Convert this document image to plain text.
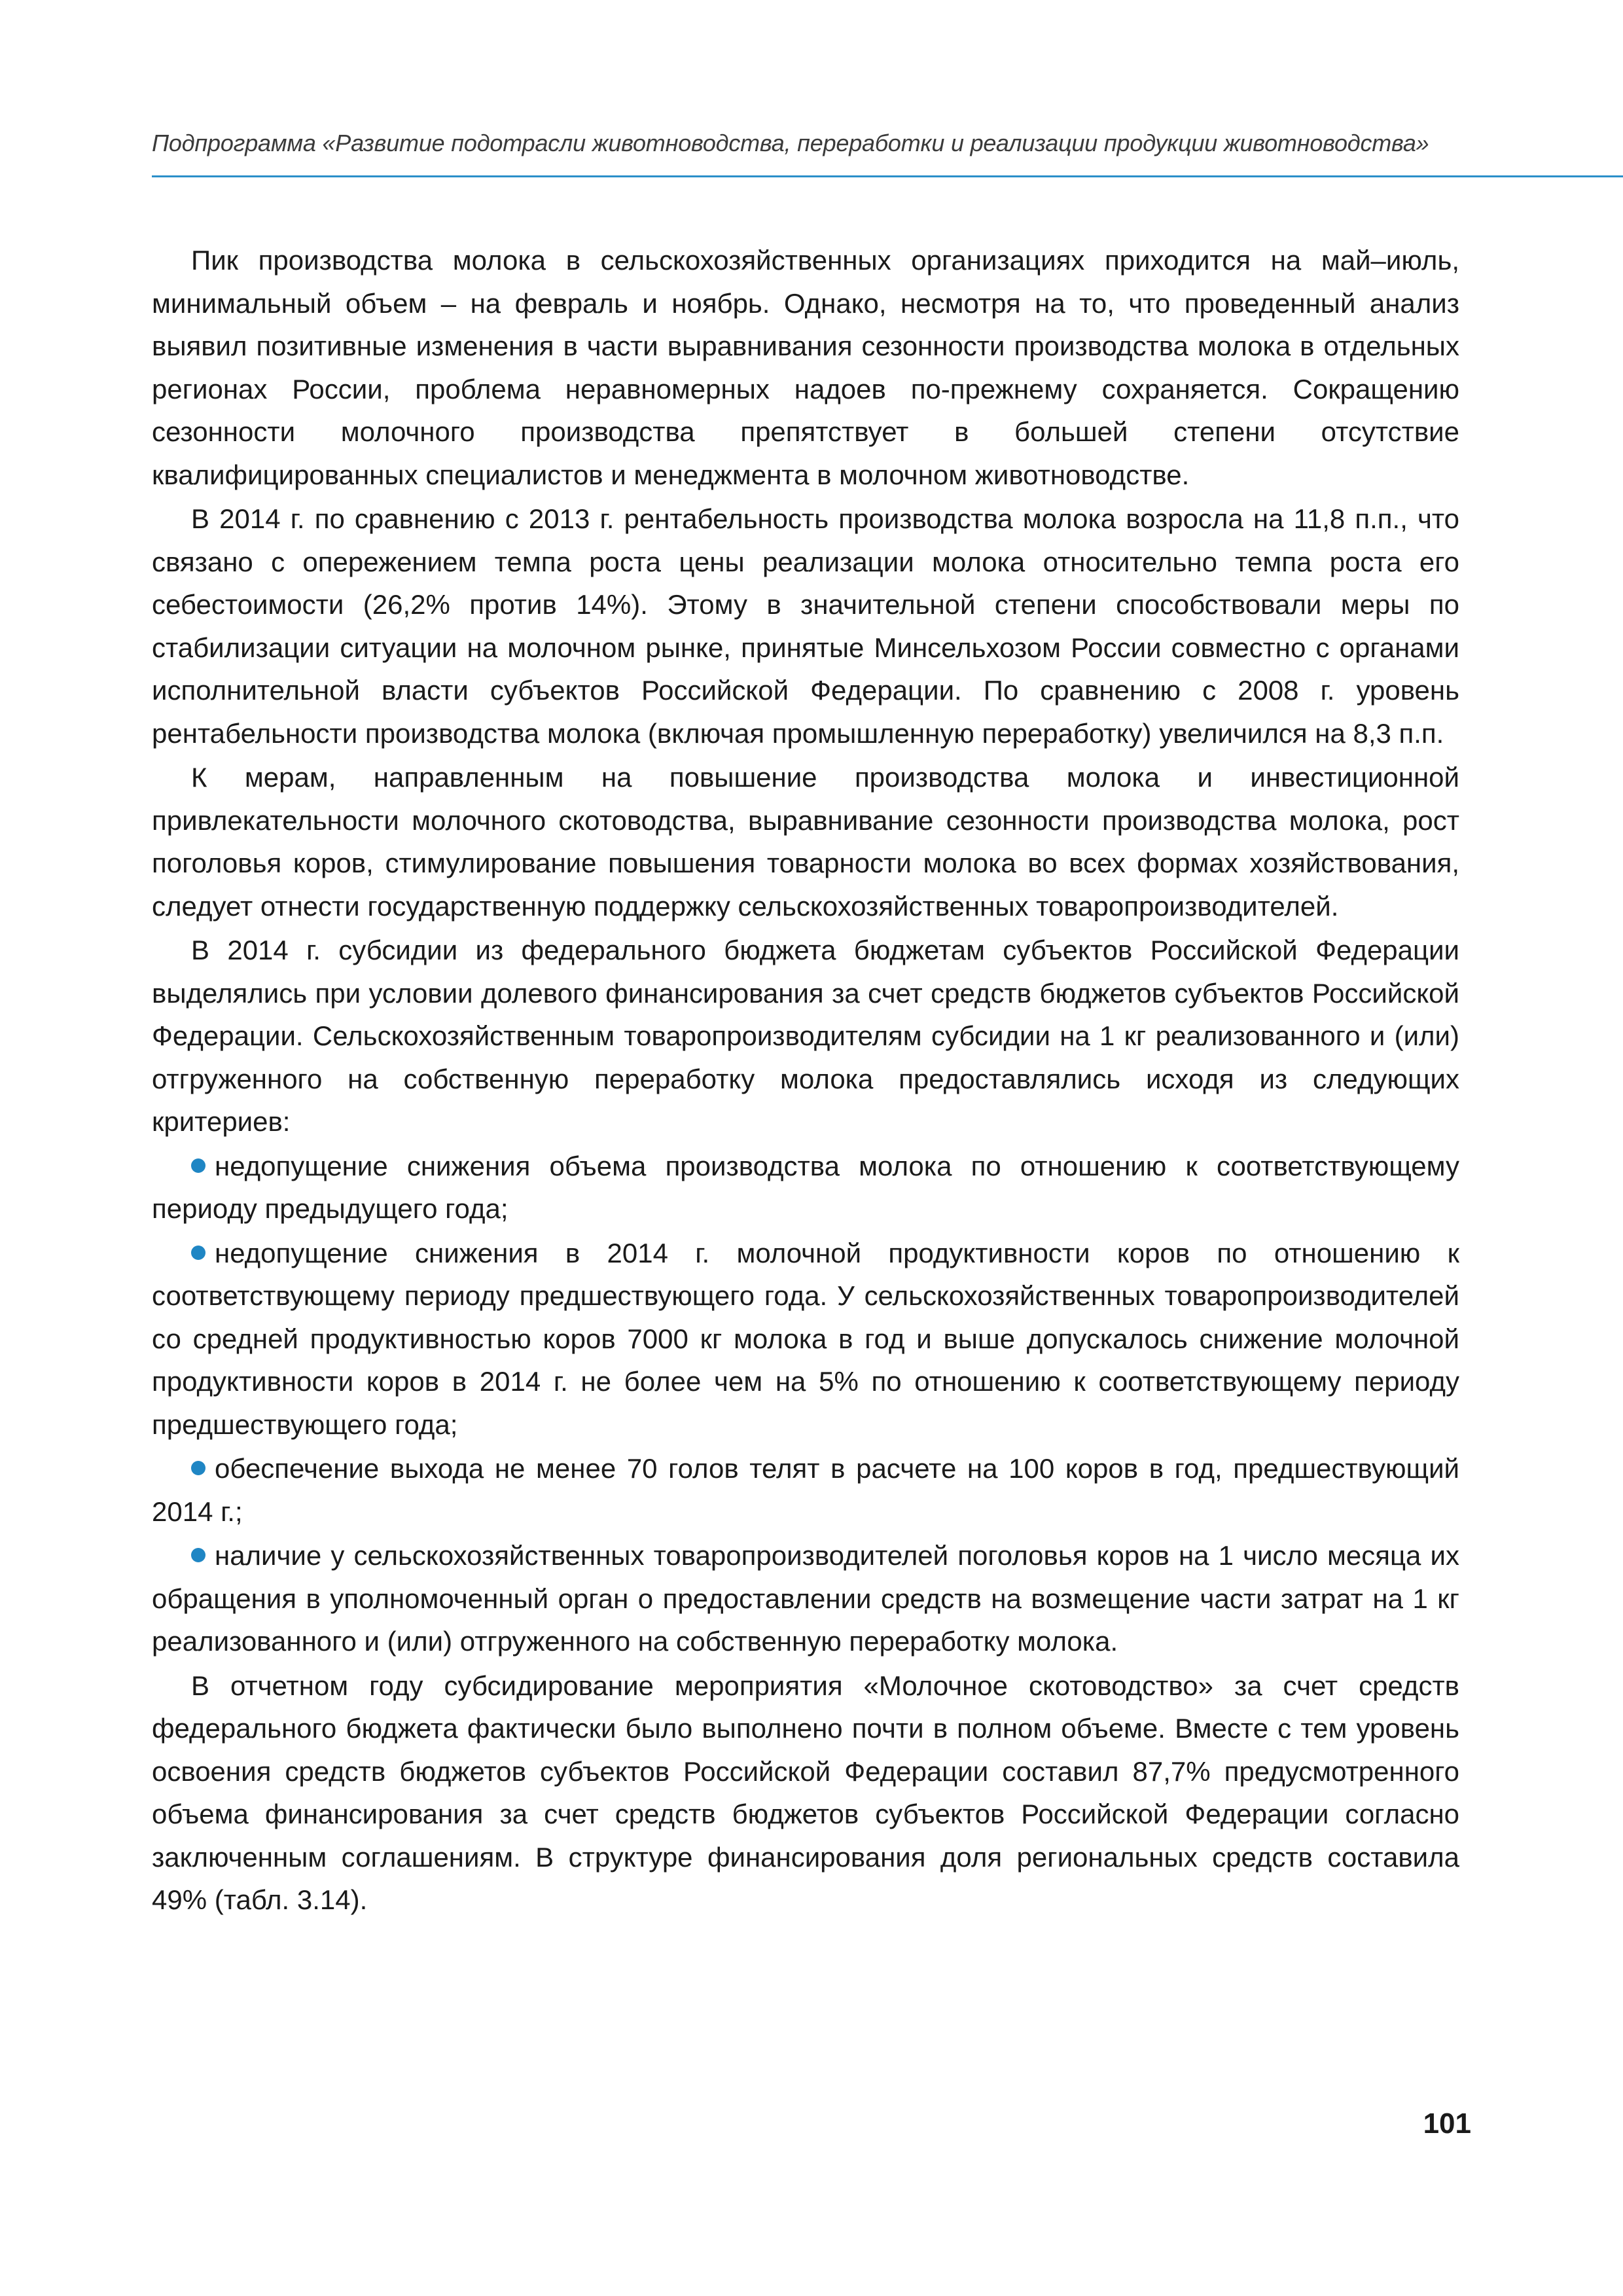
Подпрограмма «Развитие подотрасли животноводства, переработки и реализации продукции животноводства»

Пик производства молока в сельскохозяйственных организациях приходится на май–июль, минимальный объем – на февраль и ноябрь. Однако, несмотря на то, что проведенный анализ выявил позитивные изменения в части выравнивания сезонности производства молока в отдельных регионах России, проблема неравномерных надоев по-прежнему сохраняется. Сокращению сезонности молочного производства препятствует в большей степени отсутствие квалифицированных специалистов и менеджмента в молочном животноводстве.

В 2014 г. по сравнению с 2013 г. рентабельность производства молока возросла на 11,8 п.п., что связано с опережением темпа роста цены реализации молока относительно темпа роста его себестоимости (26,2% против 14%). Этому в значительной степени способствовали меры по стабилизации ситуации на молочном рынке, принятые Минсельхозом России совместно с органами исполнительной власти субъектов Российской Федерации. По сравнению с 2008 г. уровень рентабельности производства молока (включая промышленную переработку) увеличился на 8,3 п.п.

К мерам, направленным на повышение производства молока и инвестиционной привлекательности молочного скотоводства, выравнивание сезонности производства молока, рост поголовья коров, стимулирование повышения товарности молока во всех формах хозяйствования, следует отнести государственную поддержку сельскохозяйственных товаропроизводителей.

В 2014 г. субсидии из федерального бюджета бюджетам субъектов Российской Федерации выделялись при условии долевого финансирования за счет средств бюджетов субъектов Российской Федерации. Сельскохозяйственным товаропроизводителям субсидии на 1 кг реализованного и (или) отгруженного на собственную переработку молока предоставлялись исходя из следующих критериев:

недопущение снижения объема производства молока по отношению к соответствующему периоду предыдущего года;

недопущение снижения в 2014 г. молочной продуктивности коров по отношению к соответствующему периоду предшествующего года. У сельскохозяйственных товаропроизводителей со средней продуктивностью коров 7000 кг молока в год и выше допускалось снижение молочной продуктивности коров в 2014 г. не более чем на 5% по отношению к соответствующему периоду предшествующего года;

обеспечение выхода не менее 70 голов телят в расчете на 100 коров в год, предшествующий 2014 г.;

наличие у сельскохозяйственных товаропроизводителей поголовья коров на 1 число месяца их обращения в уполномоченный орган о предоставлении средств на возмещение части затрат на 1 кг реализованного и (или) отгруженного на собственную переработку молока.

В отчетном году субсидирование мероприятия «Молочное скотоводство» за счет средств федерального бюджета фактически было выполнено почти в полном объеме. Вместе с тем уровень освоения средств бюджетов субъектов Российской Федерации составил 87,7% предусмотренного объема финансирования за счет средств бюджетов субъектов Российской Федерации согласно заключенным соглашениям. В структуре финансирования доля региональных средств составила 49% (табл. 3.14).

101
